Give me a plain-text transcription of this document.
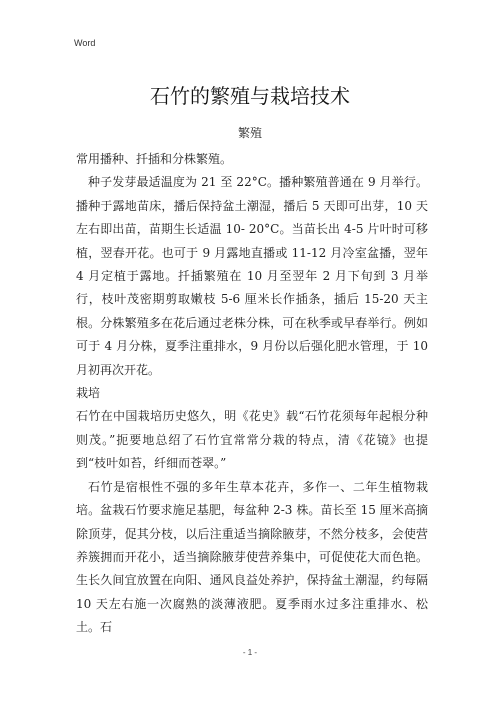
Word
石竹的繁殖与栽培技术
繁殖

常用播种、扦插和分株繁殖。

种子发芽最适温度为 21 至 22°C。播种繁殖普通在 9 月举行。播种于露地苗床，播后保持盆土潮湿，播后 5 天即可出芽，10 天左右即出苗，苗期生长适温 10- 20°C。当苗长出 4-5 片叶时可移植，翌春开花。也可于 9 月露地直播或 11-12 月冷室盆播，翌年 4 月定植于露地。扦插繁殖在 10 月至翌年 2 月下旬到 3 月举行，枝叶茂密期剪取嫩枝 5-6 厘米长作插条，插后 15-20 天主根。分株繁殖多在花后通过老株分株，可在秋季或早春举行。例如可于 4 月分株，夏季注重排水，9 月份以后强化肥水管理，于 10 月初再次开花。

栽培

石竹在中国栽培历史悠久，明《花史》载“石竹花须每年起根分种则茂。”扼要地总绍了石竹宜常常分栽的特点，清《花镜》也提到“枝叶如苔，纤细而苍翠。”

石竹是宿根性不强的多年生草本花卉，多作一、二年生植物栽培。盆栽石竹要求施足基肥，每盆种 2-3 株。苗长至 15 厘米高摘除顶芽，促其分枝，以后注重适当摘除腋芽，不然分枝多，会使营养簇拥而开花小，适当摘除腋芽使营养集中，可促使花大而色艳。生长久间宜放置在向阳、通风良益处养护，保持盆土潮湿，约每隔 10 天左右施一次腐熟的淡薄液肥。夏季雨水过多注重排水、松土。石

- 1 -
